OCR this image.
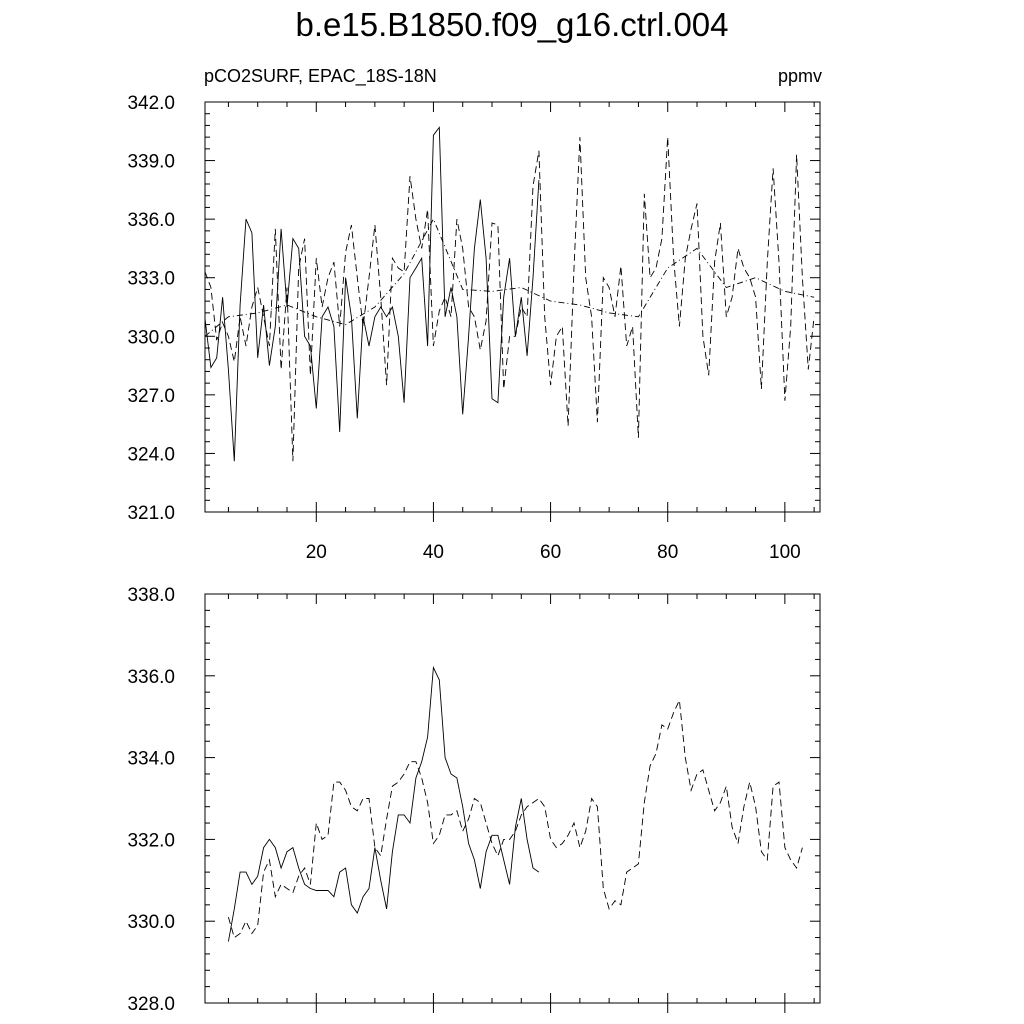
b.e15.B1850.f09_g16.ctrl.004
pCO2SURF, EPAC_18S-18N	ppmv
321.0
324.0
327.0
330.0
333.0
336.0
339.0
342.0
20	40	60	80	100
328.0
330.0
332.0
334.0
336.0
338.0
